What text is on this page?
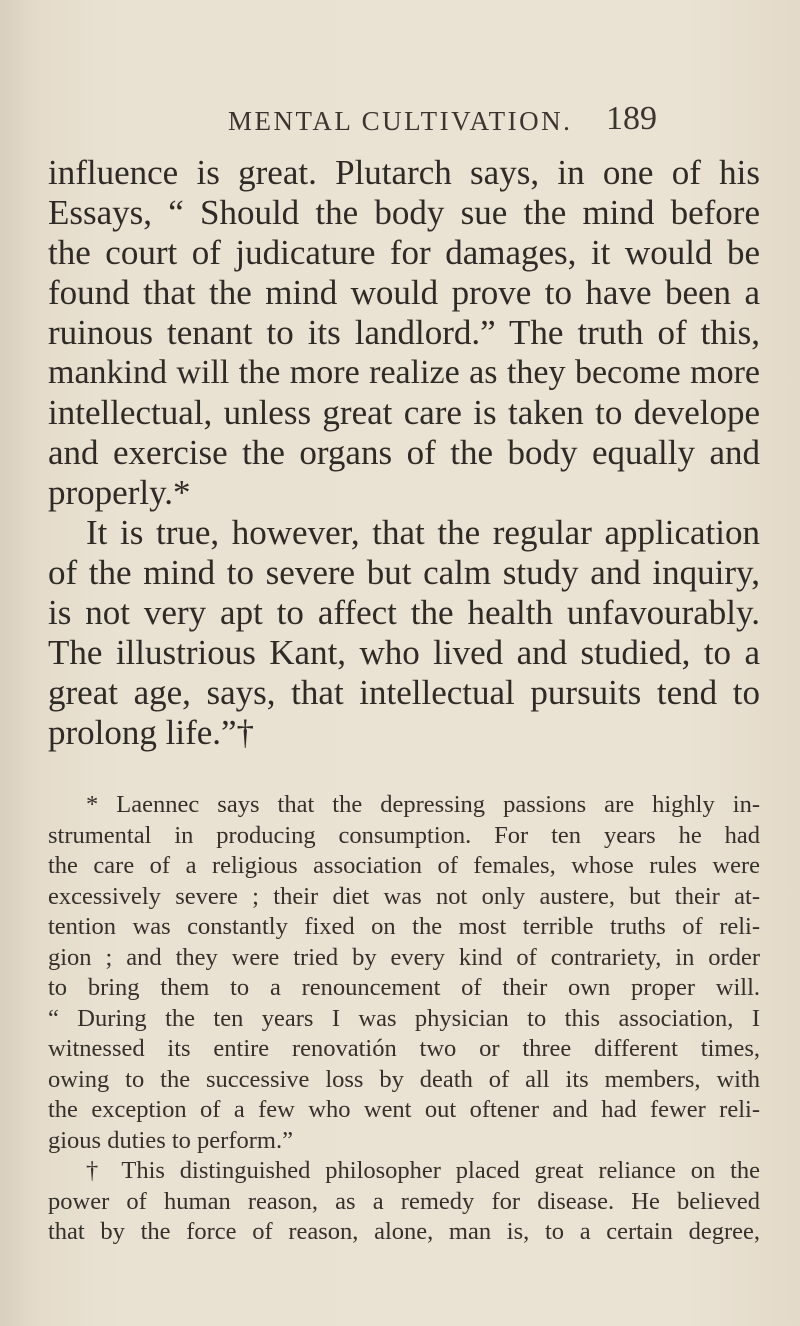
MENTAL CULTIVATION. 189
influence is great. Plutarch says, in one of his
Essays, “ Should the body sue the mind before
the court of judicature for damages, it would be
found that the mind would prove to have been a
ruinous tenant to its landlord.” The truth of this,
mankind will the more realize as they become more
intellectual, unless great care is taken to develope
and exercise the organs of the body equally and
properly.*
It is true, however, that the regular application
of the mind to severe but calm study and inquiry,
is not very apt to affect the health unfavourably.
The illustrious Kant, who lived and studied, to a
great age, says, that intellectual pursuits tend to
prolong life.”†
* Laennec says that the depressing passions are highly in-
strumental in producing consumption. For ten years he had
the care of a religious association of females, whose rules were
excessively severe ; their diet was not only austere, but their at-
tention was constantly fixed on the most terrible truths of reli-
gion ; and they were tried by every kind of contrariety, in order
to bring them to a renouncement of their own proper will.
“ During the ten years I was physician to this association, I
witnessed its entire renovatión two or three different times,
owing to the successive loss by death of all its members, with
the exception of a few who went out oftener and had fewer reli-
gious duties to perform.”
† This distinguished philosopher placed great reliance on the
power of human reason, as a remedy for disease. He believed
that by the force of reason, alone, man is, to a certain degree,
